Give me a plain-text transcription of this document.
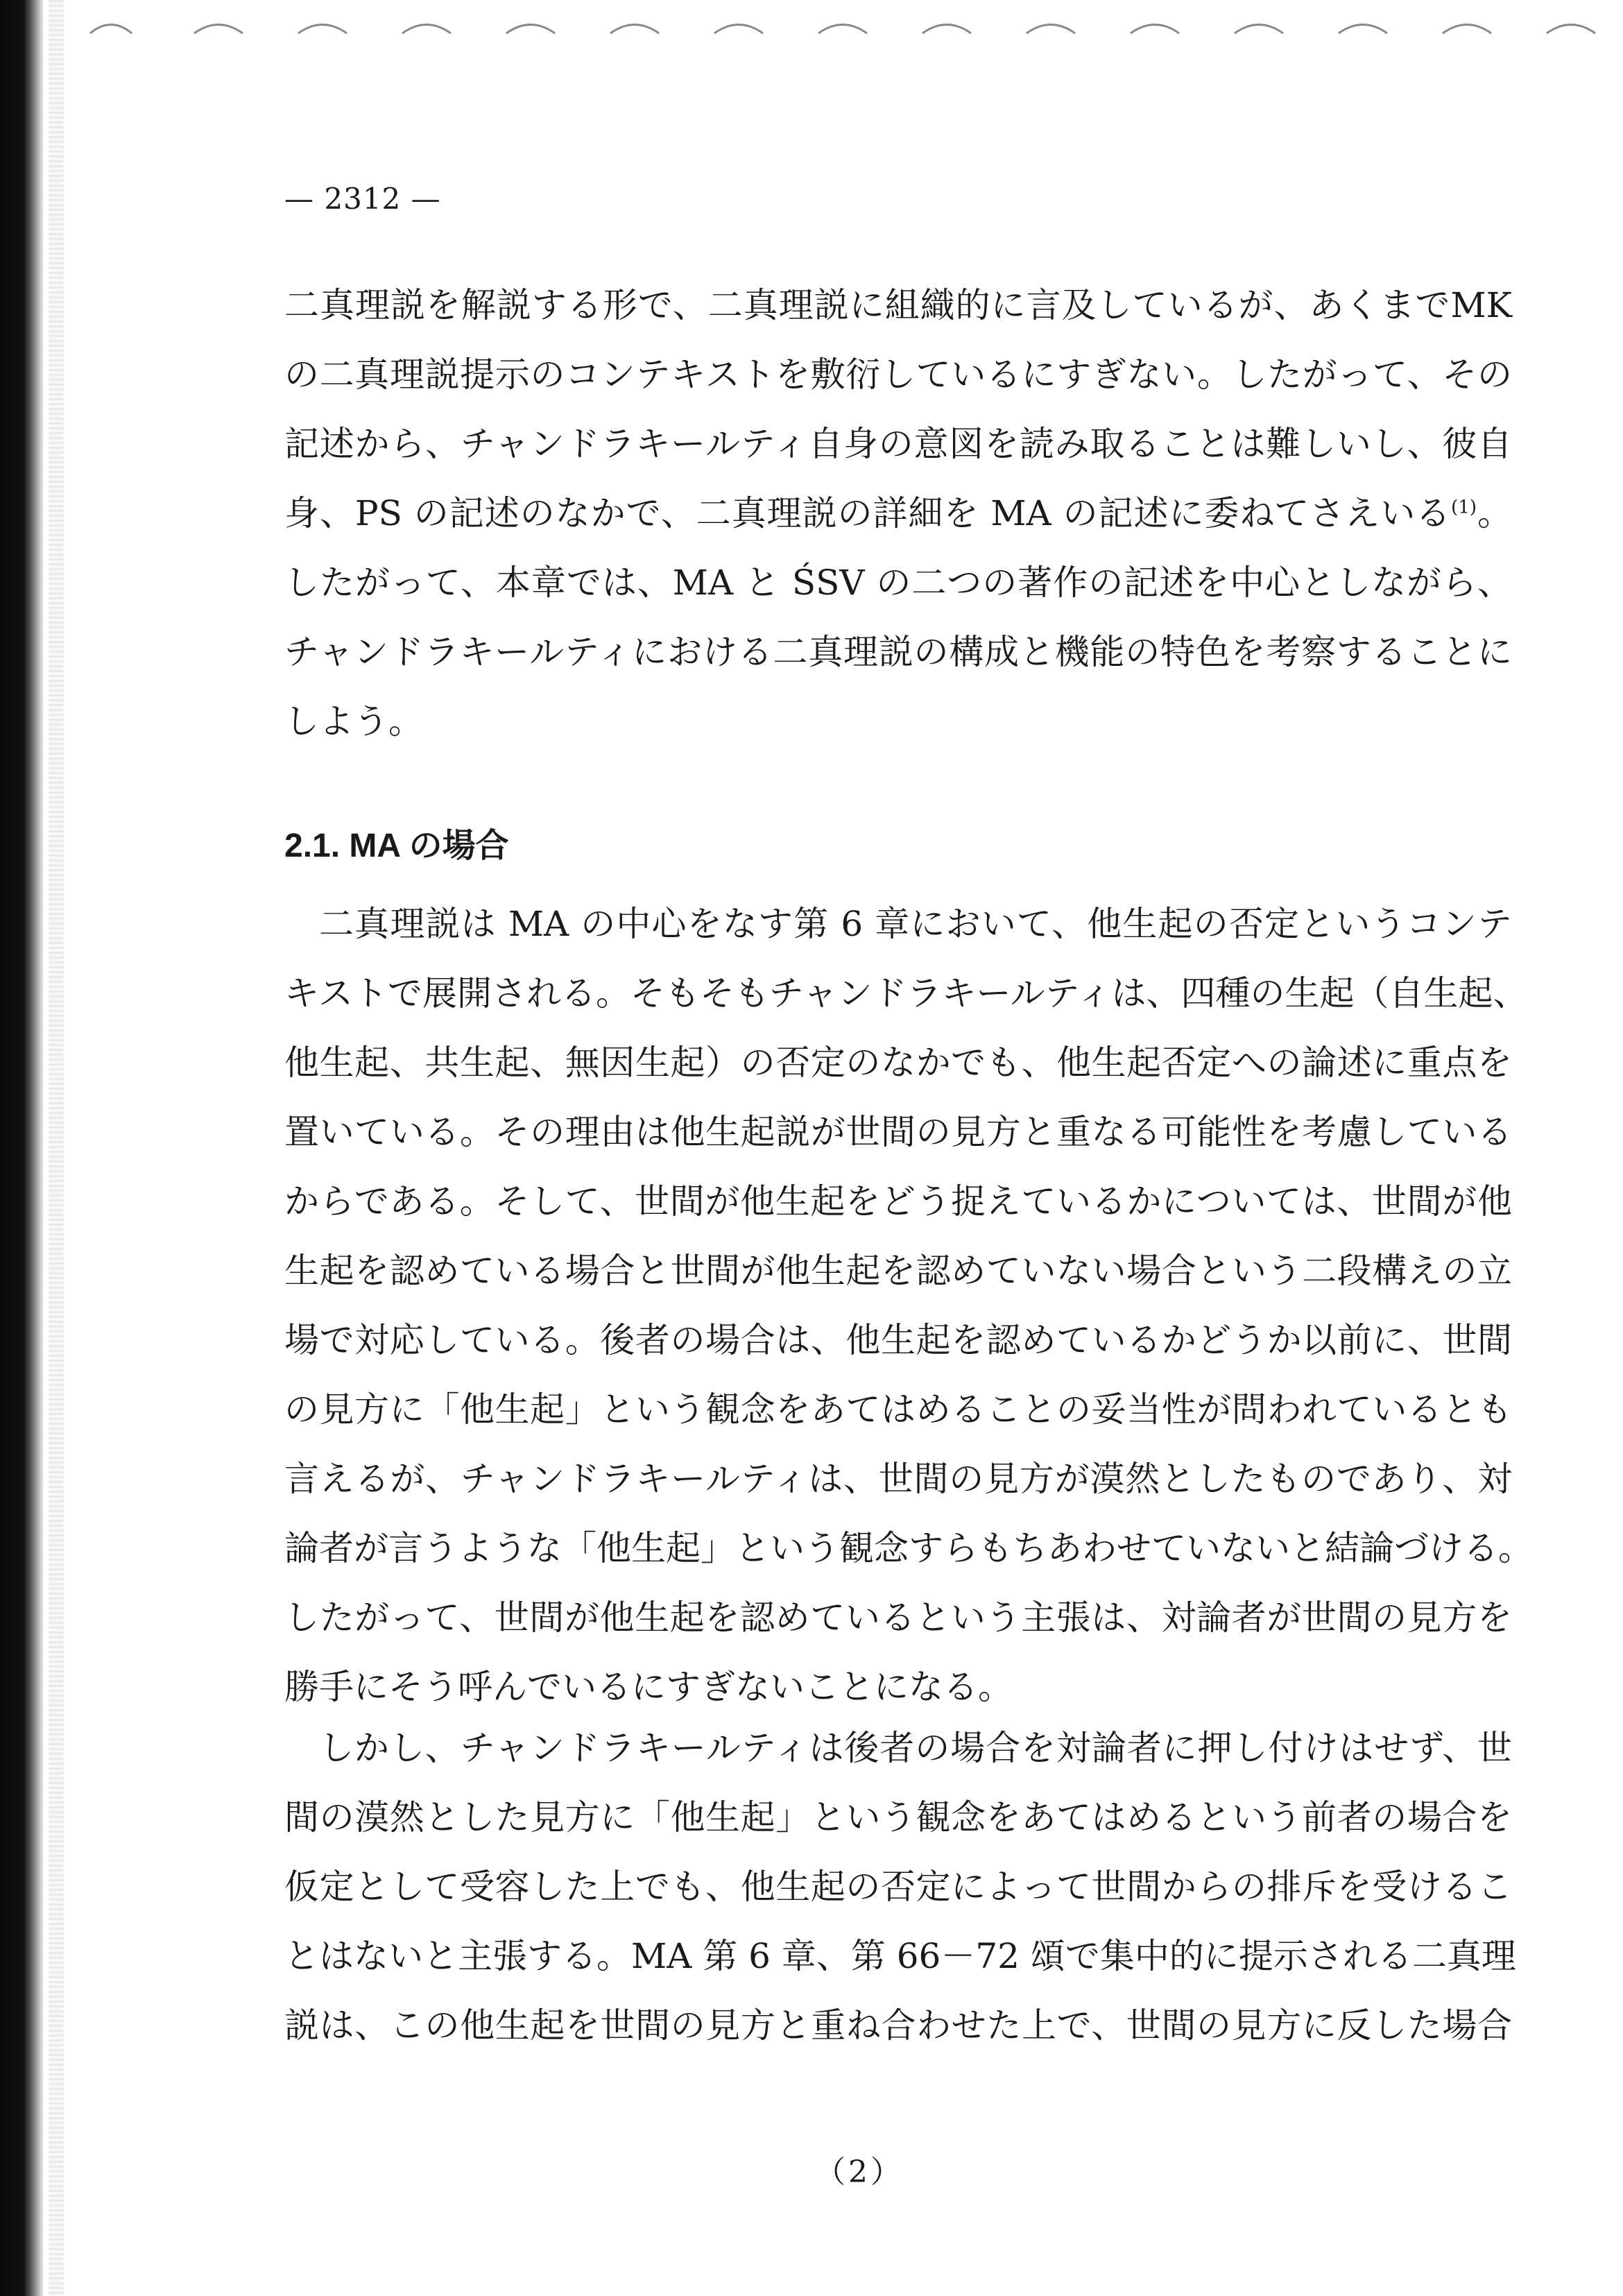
— 2312 —
二真理説を解説する形で、二真理説に組織的に言及しているが、あくまでMK
の二真理説提示のコンテキストを敷衍しているにすぎない。したがって、その
記述から、チャンドラキールティ自身の意図を読み取ることは難しいし、彼自
身、PS の記述のなかで、二真理説の詳細を MA の記述に委ねてさえいる$^{(1)}$。
したがって、本章では、MA と ŚSV の二つの著作の記述を中心としながら、
チャンドラキールティにおける二真理説の構成と機能の特色を考察することに
しよう。
2.1. MA の場合
二真理説は MA の中心をなす第 6 章において、他生起の否定というコンテ
キストで展開される。そもそもチャンドラキールティは、四種の生起（自生起、
他生起、共生起、無因生起）の否定のなかでも、他生起否定への論述に重点を
置いている。その理由は他生起説が世間の見方と重なる可能性を考慮している
からである。そして、世間が他生起をどう捉えているかについては、世間が他
生起を認めている場合と世間が他生起を認めていない場合という二段構えの立
場で対応している。後者の場合は、他生起を認めているかどうか以前に、世間
の見方に「他生起」という観念をあてはめることの妥当性が問われているとも
言えるが、チャンドラキールティは、世間の見方が漠然としたものであり、対
論者が言うような「他生起」という観念すらもちあわせていないと結論づける。
したがって、世間が他生起を認めているという主張は、対論者が世間の見方を
勝手にそう呼んでいるにすぎないことになる。
しかし、チャンドラキールティは後者の場合を対論者に押し付けはせず、世
間の漠然とした見方に「他生起」という観念をあてはめるという前者の場合を
仮定として受容した上でも、他生起の否定によって世間からの排斥を受けるこ
とはないと主張する。MA 第 6 章、第 66－72 頌で集中的に提示される二真理
説は、この他生起を世間の見方と重ね合わせた上で、世間の見方に反した場合
（2）
